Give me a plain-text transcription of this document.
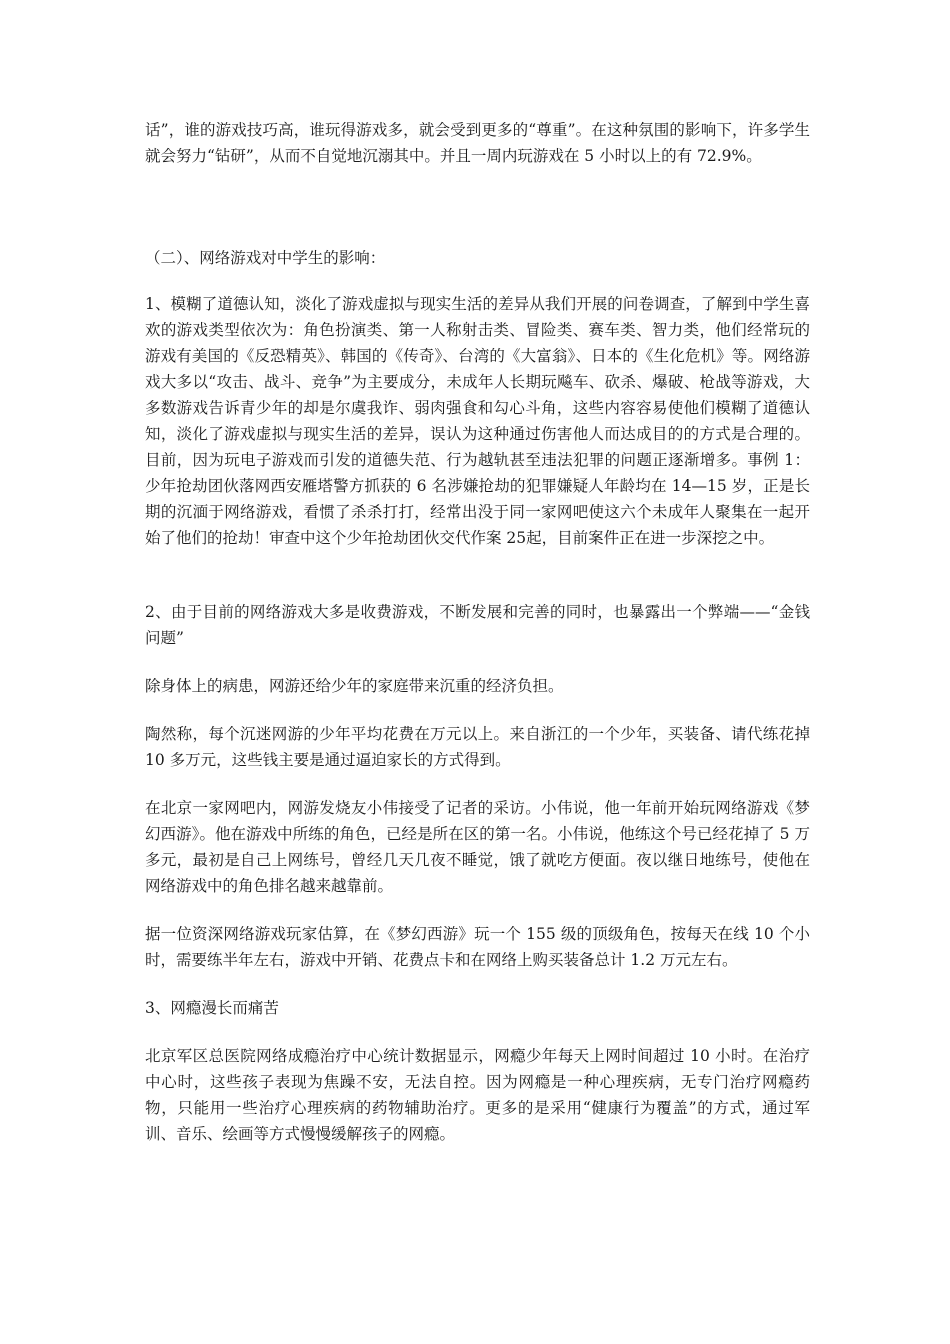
话”，谁的游戏技巧高，谁玩得游戏多，就会受到更多的“尊重”。在这种氛围的影响下，许多学生就会努力“钻研”，从而不自觉地沉溺其中。并且一周内玩游戏在 5 小时以上的有 72.9%。

（二）、网络游戏对中学生的影响：

1、模糊了道德认知，淡化了游戏虚拟与现实生活的差异从我们开展的问卷调查，了解到中学生喜欢的游戏类型依次为：角色扮演类、第一人称射击类、冒险类、赛车类、智力类，他们经常玩的游戏有美国的《反恐精英》、韩国的《传奇》、台湾的《大富翁》、日本的《生化危机》等。网络游戏大多以“攻击、战斗、竞争”为主要成分，未成年人长期玩飚车、砍杀、爆破、枪战等游戏，大多数游戏告诉青少年的却是尔虞我诈、弱肉强食和勾心斗角，这些内容容易使他们模糊了道德认知，淡化了游戏虚拟与现实生活的差异，误认为这种通过伤害他人而达成目的的方式是合理的。目前，因为玩电子游戏而引发的道德失范、行为越轨甚至违法犯罪的问题正逐渐增多。事例 1：少年抢劫团伙落网西安雁塔警方抓获的 6 名涉嫌抢劫的犯罪嫌疑人年龄均在 14—15 岁，正是长期的沉湎于网络游戏，看惯了杀杀打打，经常出没于同一家网吧使这六个未成年人聚集在一起开始了他们的抢劫！审查中这个少年抢劫团伙交代作案 25起，目前案件正在进一步深挖之中。

2、由于目前的网络游戏大多是收费游戏，不断发展和完善的同时，也暴露出一个弊端——“金钱问题”

除身体上的病患，网游还给少年的家庭带来沉重的经济负担。

陶然称，每个沉迷网游的少年平均花费在万元以上。来自浙江的一个少年，买装备、请代练花掉 10 多万元，这些钱主要是通过逼迫家长的方式得到。

在北京一家网吧内，网游发烧友小伟接受了记者的采访。小伟说，他一年前开始玩网络游戏《梦幻西游》。他在游戏中所练的角色，已经是所在区的第一名。小伟说，他练这个号已经花掉了 5 万多元，最初是自己上网练号，曾经几天几夜不睡觉，饿了就吃方便面。夜以继日地练号，使他在网络游戏中的角色排名越来越靠前。

据一位资深网络游戏玩家估算，在《梦幻西游》玩一个 155 级的顶级角色，按每天在线 10 个小时，需要练半年左右，游戏中开销、花费点卡和在网络上购买装备总计 1.2 万元左右。

3、网瘾漫长而痛苦

北京军区总医院网络成瘾治疗中心统计数据显示，网瘾少年每天上网时间超过 10 小时。在治疗中心时，这些孩子表现为焦躁不安，无法自控。因为网瘾是一种心理疾病，无专门治疗网瘾药物，只能用一些治疗心理疾病的药物辅助治疗。更多的是采用“健康行为覆盖”的方式，通过军训、音乐、绘画等方式慢慢缓解孩子的网瘾。
